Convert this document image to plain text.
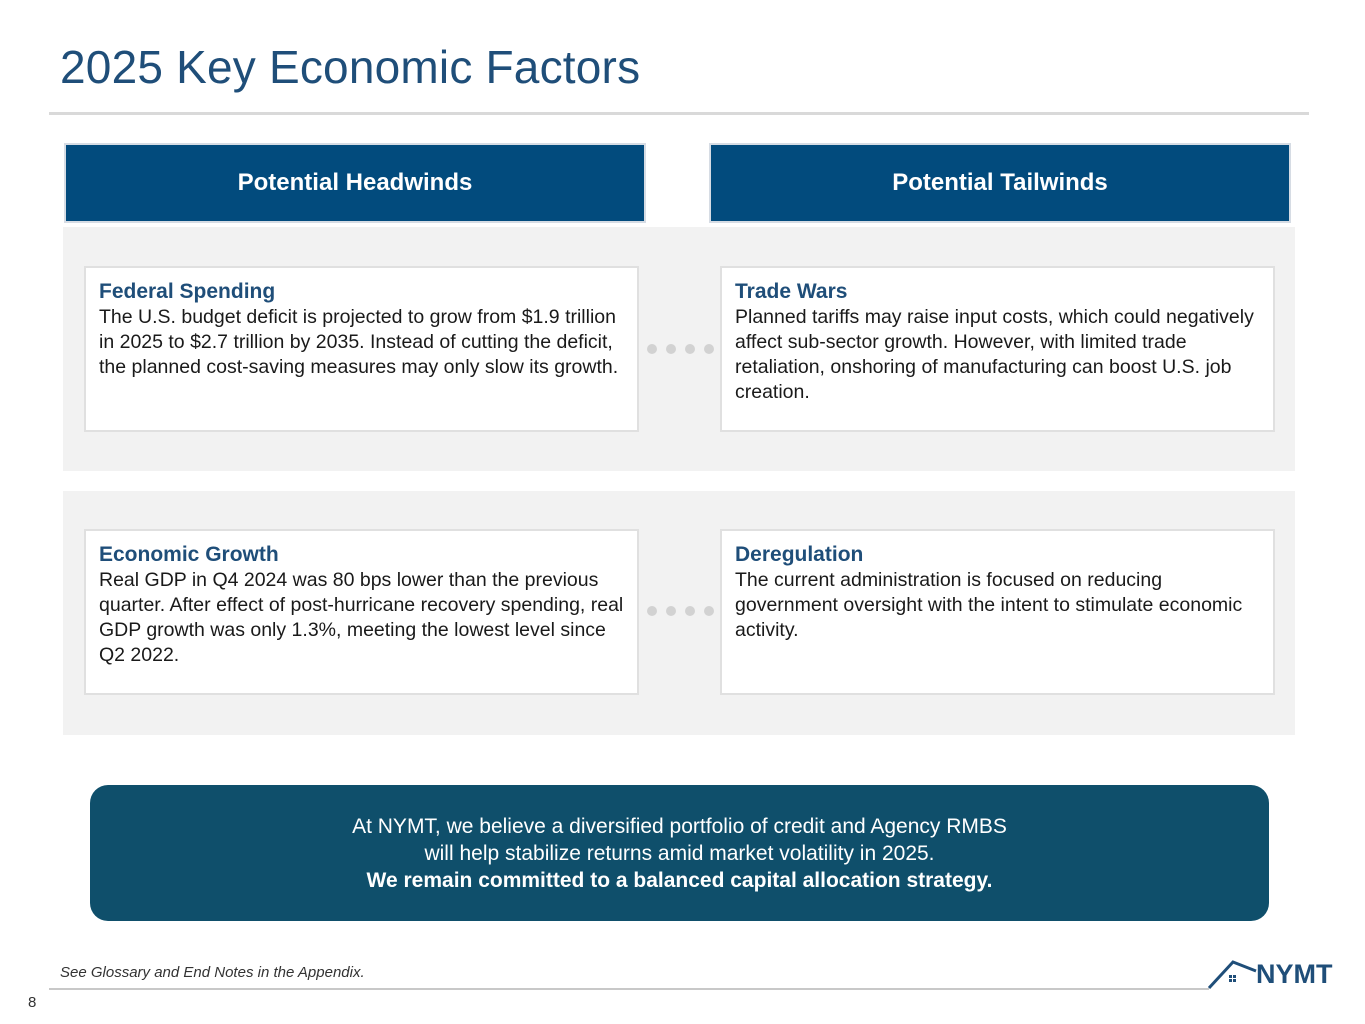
2025 Key Economic Factors
Potential Headwinds	Potential Tailwinds
Federal Spending
The U.S. budget deficit is projected to grow from $1.9 trillion in 2025 to $2.7 trillion by 2035. Instead of cutting the deficit, the planned cost-saving measures may only slow its growth.
Trade Wars
Planned tariffs may raise input costs, which could negatively affect sub-sector growth. However, with limited trade retaliation, onshoring of manufacturing can boost U.S. job creation.
Economic Growth
Real GDP in Q4 2024 was 80 bps lower than the previous quarter. After effect of post-hurricane recovery spending, real GDP growth was only 1.3%, meeting the lowest level since Q2 2022.
Deregulation
The current administration is focused on reducing government oversight with the intent to stimulate economic activity.
At NYMT, we believe a diversified portfolio of credit and Agency RMBS
will help stabilize returns amid market volatility in 2025.
We remain committed to a balanced capital allocation strategy.
See Glossary and End Notes in the Appendix.
8
NYMT
